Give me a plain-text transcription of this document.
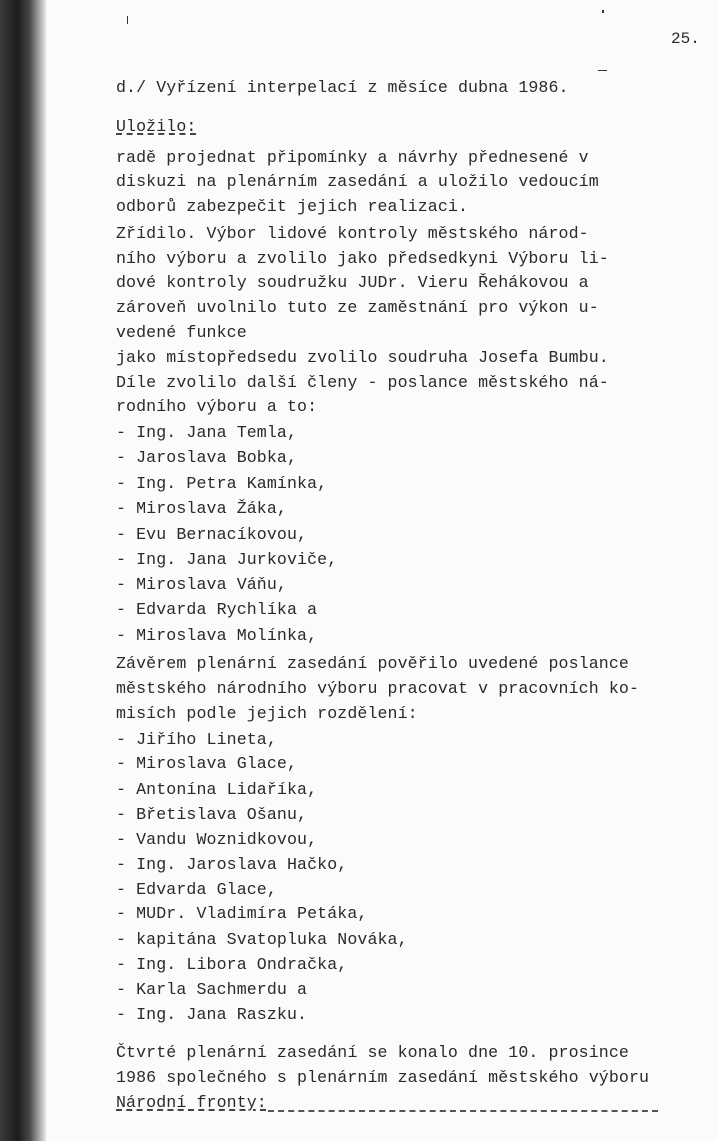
25.
d./ Vyřízení interpelací z měsíce dubna 1986.
Uložilo:
radě projednat připomínky a návrhy přednesené v
diskuzi na plenárním zasedání a uložilo vedoucím
odborů zabezpečit jejich realizaci.
Zřídilo. Výbor lidové kontroly městského národ-
ního výboru a zvolilo jako předsedkyni Výboru li-
dové kontroly soudružku JUDr. Vieru Řehákovou a
zároveň uvolnilo tuto ze zaměstnání pro výkon u-
vedené funkce
jako místopředsedu zvolilo soudruha Josefa Bumbu.
Díle zvolilo další členy - poslance městského ná-
rodního výboru a to:
- Ing. Jana Temla,
- Jaroslava Bobka,
- Ing. Petra Kamínka,
- Miroslava Žáka,
- Evu Bernacíkovou,
- Ing. Jana Jurkoviče,
- Miroslava Váňu,
- Edvarda Rychlíka a
- Miroslava Molínka,
Závěrem plenární zasedání pověřilo uvedené poslance
městského národního výboru pracovat v pracovních ko-
misích podle jejich rozdělení:
- Jiřího Lineta,
- Miroslava Glace,
- Antonína Lidaříka,
- Břetislava Ošanu,
- Vandu Woznidkovou,
- Ing. Jaroslava Hačko,
- Edvarda Glace,
- MUDr. Vladimíra Petáka,
- kapitána Svatopluka Nováka,
- Ing. Libora Ondračka,
- Karla Sachmerdu a
- Ing. Jana Raszku.
Čtvrté plenární zasedání se konalo dne 10. prosince
1986 společného s plenárním zasedání městského výboru
Národní fronty:
